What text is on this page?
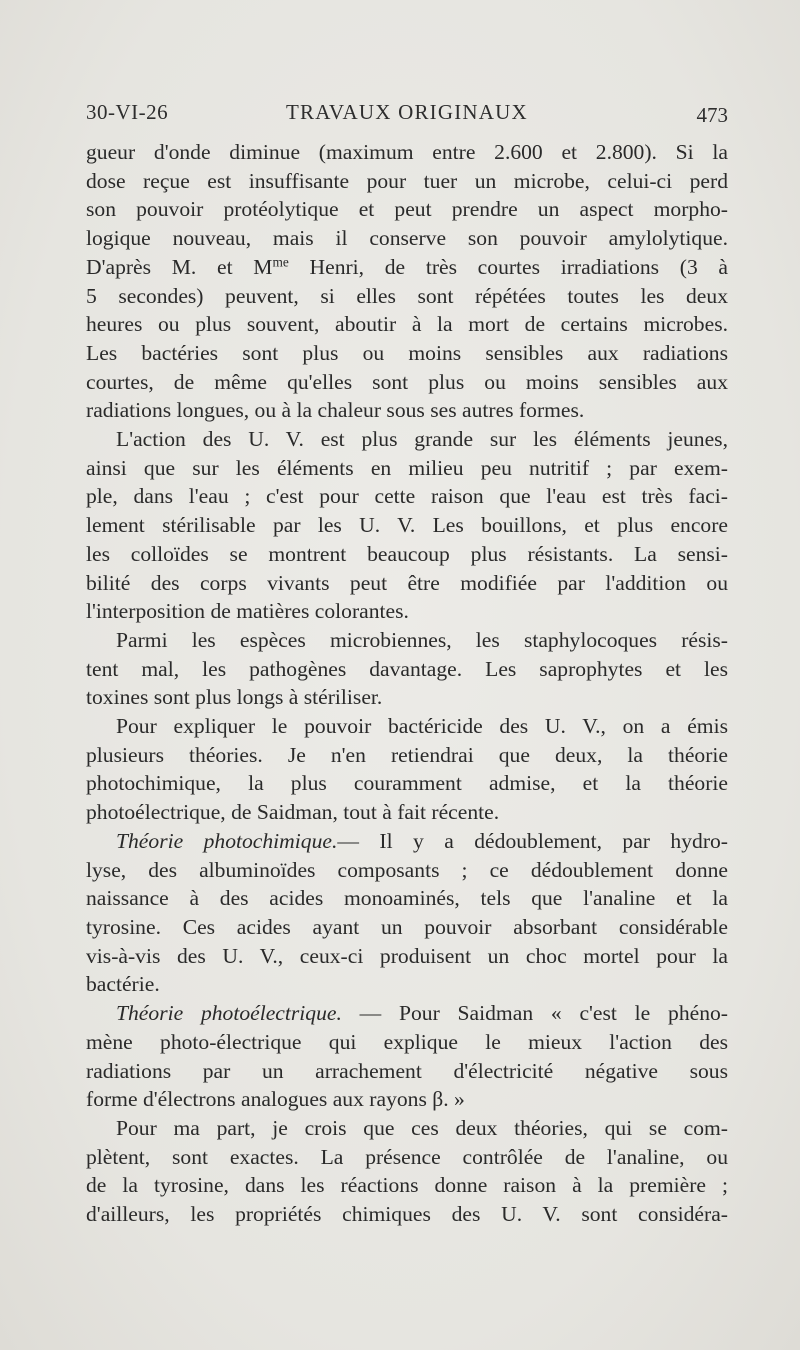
30-VI-26	TRAVAUX ORIGINAUX	473

gueur d'onde diminue (maximum entre 2.600 et 2.800). Si la

dose reçue est insuffisante pour tuer un microbe, celui-ci perd

son pouvoir protéolytique et peut prendre un aspect morpho-

logique nouveau, mais il conserve son pouvoir amylolytique.

D'après M. et $M^{me}$ Henri, de très courtes irradiations (3 à

5 secondes) peuvent, si elles sont répétées toutes les deux

heures ou plus souvent, aboutir à la mort de certains microbes.

Les bactéries sont plus ou moins sensibles aux radiations

courtes, de même qu'elles sont plus ou moins sensibles aux

radiations longues, ou à la chaleur sous ses autres formes.

L'action des U. V. est plus grande sur les éléments jeunes,

ainsi que sur les éléments en milieu peu nutritif ; par exem-

ple, dans l'eau ; c'est pour cette raison que l'eau est très faci-

lement stérilisable par les U. V. Les bouillons, et plus encore

les colloïdes se montrent beaucoup plus résistants. La sensi-

bilité des corps vivants peut être modifiée par l'addition ou

l'interposition de matières colorantes.

Parmi les espèces microbiennes, les staphylocoques résis-

tent mal, les pathogènes davantage. Les saprophytes et les

toxines sont plus longs à stériliser.

Pour expliquer le pouvoir bactéricide des U. V., on a émis

plusieurs théories. Je n'en retiendrai que deux, la théorie

photochimique, la plus couramment admise, et la théorie

photoélectrique, de Saidman, tout à fait récente.

Théorie photochimique.— Il y a dédoublement, par hydro-

lyse, des albuminoïdes composants ; ce dédoublement donne

naissance à des acides monoaminés, tels que l'analine et la

tyrosine. Ces acides ayant un pouvoir absorbant considérable

vis-à-vis des U. V., ceux-ci produisent un choc mortel pour la

bactérie.

Théorie photoélectrique. — Pour Saidman « c'est le phéno-

mène photo-électrique qui explique le mieux l'action des

radiations par un arrachement d'électricité négative sous

forme d'électrons analogues aux rayons β. »

Pour ma part, je crois que ces deux théories, qui se com-

plètent, sont exactes. La présence contrôlée de l'analine, ou

de la tyrosine, dans les réactions donne raison à la première ;

d'ailleurs, les propriétés chimiques des U. V. sont considéra-
